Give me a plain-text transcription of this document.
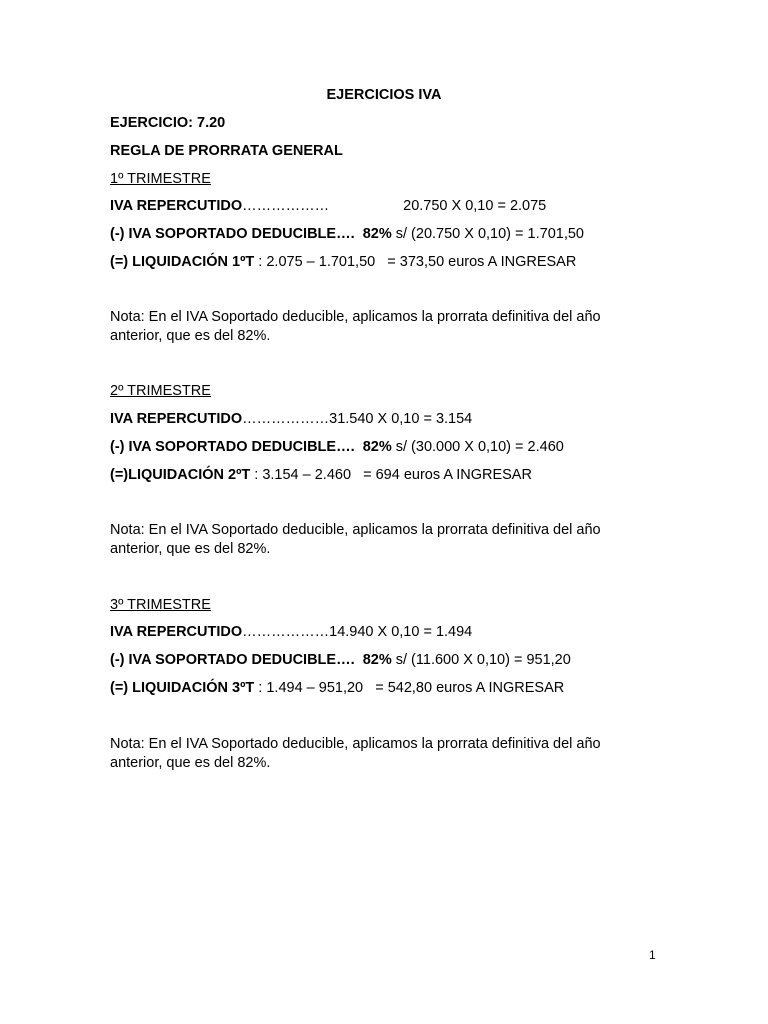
EJERCICIOS IVA
EJERCICIO: 7.20
REGLA DE PRORRATA GENERAL
1º TRIMESTRE
IVA REPERCUTIDO………………	20.750 X 0,10 = 2.075
(-) IVA SOPORTADO DEDUCIBLE…. 82% s/ (20.750 X 0,10) = 1.701,50
(=) LIQUIDACIÓN 1ºT : 2.075 – 1.701,50   = 373,50 euros A INGRESAR
Nota: En el IVA Soportado deducible, aplicamos la prorrata definitiva del año anterior, que es del 82%.
2º TRIMESTRE
IVA REPERCUTIDO………………31.540 X 0,10 = 3.154
(-) IVA SOPORTADO DEDUCIBLE…. 82% s/ (30.000 X 0,10) = 2.460
(=)LIQUIDACIÓN 2ºT : 3.154 – 2.460   = 694 euros A INGRESAR
Nota: En el IVA Soportado deducible, aplicamos la prorrata definitiva del año anterior, que es del 82%.
3º TRIMESTRE
IVA REPERCUTIDO………………14.940 X 0,10 = 1.494
(-) IVA SOPORTADO DEDUCIBLE…. 82% s/ (11.600 X 0,10) = 951,20
(=) LIQUIDACIÓN 3ºT : 1.494 – 951,20   = 542,80 euros A INGRESAR
Nota: En el IVA Soportado deducible, aplicamos la prorrata definitiva del año anterior, que es del 82%.
1
